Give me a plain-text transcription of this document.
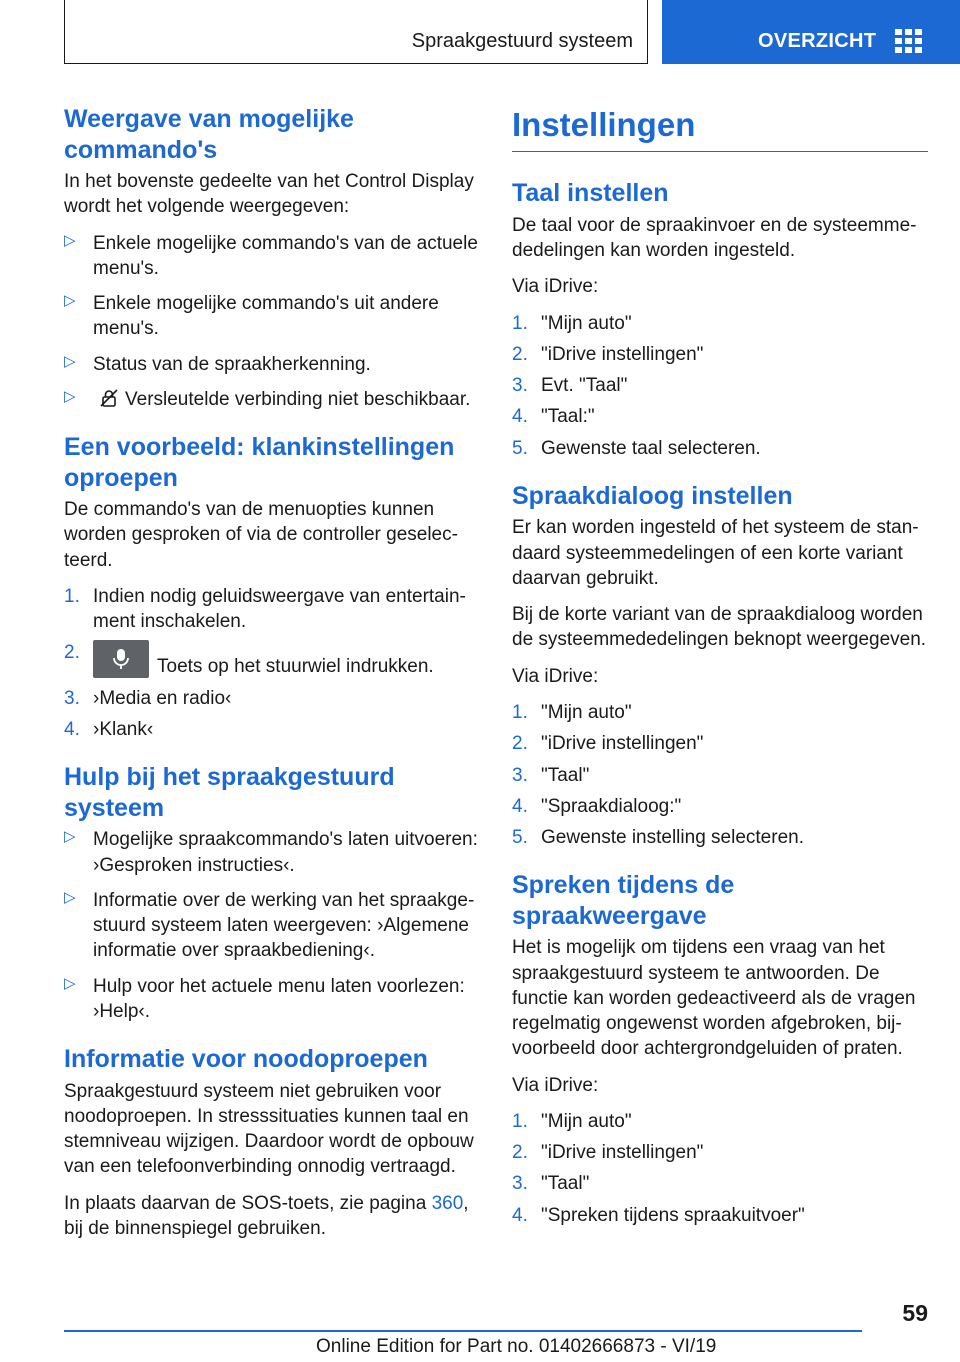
Spraakgestuurd systeem	OVERZICHT
Weergave van mogelijke commando's

In het bovenste gedeelte van het Control Display wordt het volgende weergegeven:

▷ Enkele mogelijke commando's van de actuele menu's.
▷ Enkele mogelijke commando's uit andere menu's.
▷ Status van de spraakherkenning.
▷	Versleutelde verbinding niet beschikbaar.
Een voorbeeld: klankinstellingen oproepen

De commando's van de menuopties kunnen worden gesproken of via de controller geselecteerd.

1. Indien nodig geluidsweergave van entertainment inschakelen.
2.
Toets op het stuurwiel indrukken.
3. ›Media en radio‹
4. ›Klank‹
Hulp bij het spraakgestuurd systeem
▷ Mogelijke spraakcommando's laten uitvoeren: ›Gesproken instructies‹.
▷ Informatie over de werking van het spraakgestuurd systeem laten weergeven: ›Algemene informatie over spraakbediening‹.
▷ Hulp voor het actuele menu laten voorlezen: ›Help‹.
Informatie voor noodoproepen

Spraakgestuurd systeem niet gebruiken voor noodoproepen. In stresssituaties kunnen taal en stemniveau wijzigen. Daardoor wordt de opbouw van een telefoonverbinding onnodig vertraagd.

In plaats daarvan de SOS-toets, zie pagina 360, bij de binnenspiegel gebruiken.

Instellingen
Taal instellen

De taal voor de spraakinvoer en de systeemmededelingen kan worden ingesteld.

Via iDrive:

1. "Mijn auto"
2. "iDrive instellingen"
3. Evt. "Taal"
4. "Taal:"
5. Gewenste taal selecteren.
Spraakdialoog instellen

Er kan worden ingesteld of het systeem de standaard systeemmedelingen of een korte variant daarvan gebruikt.

Bij de korte variant van de spraakdialoog worden de systeemmededelingen beknopt weergegeven.

Via iDrive:

1. "Mijn auto"
2. "iDrive instellingen"
3. "Taal"
4. "Spraakdialoog:"
5. Gewenste instelling selecteren.
Spreken tijdens de spraakweergave

Het is mogelijk om tijdens een vraag van het spraakgestuurd systeem te antwoorden. De functie kan worden gedeactiveerd als de vragen regelmatig ongewenst worden afgebroken, bijvoorbeeld door achtergrondgeluiden of praten.

Via iDrive:

1. "Mijn auto"
2. "iDrive instellingen"
3. "Taal"
4. "Spreken tijdens spraakuitvoer"
59
Online Edition for Part no. 01402666873 - VI/19
